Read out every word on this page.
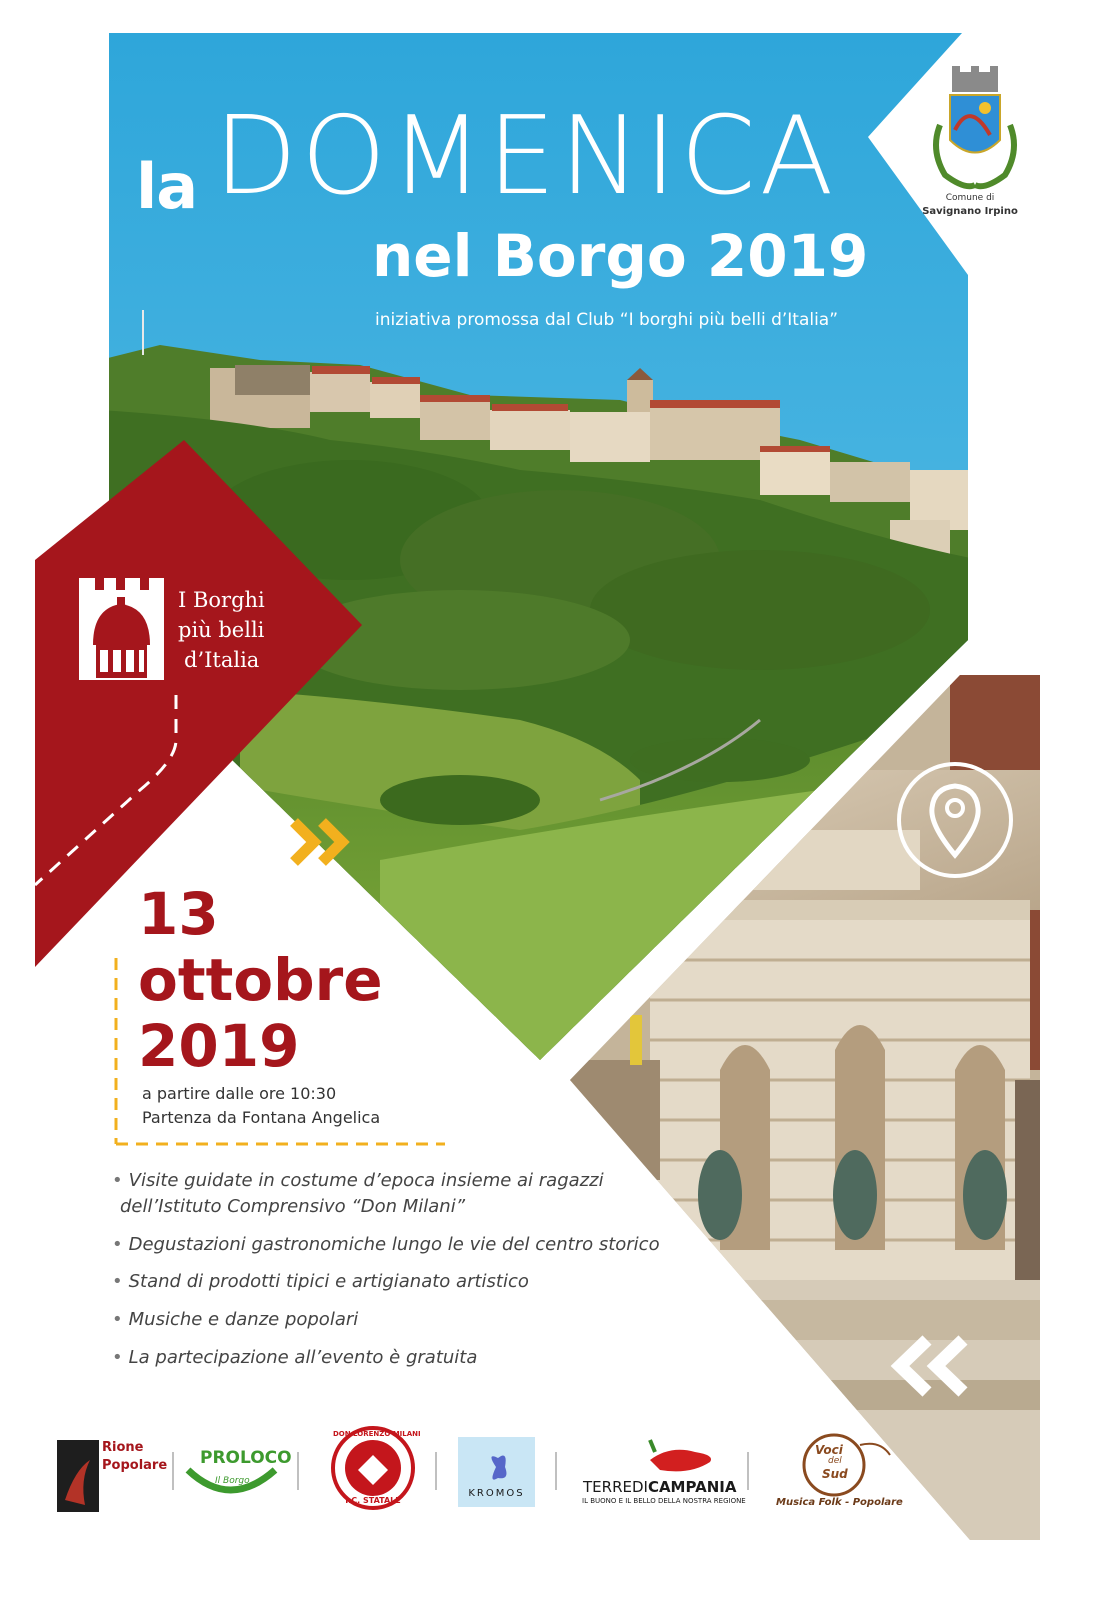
la DOMENICA
nel Borgo 2019
iniziativa promossa dal Club “I borghi più belli d’Italia”
Comune di
Savignano Irpino
I Borghi
più belli
d’Italia
13
ottobre
2019
a partire dalle ore 10:30
Partenza da Fontana Angelica
• Visite guidate in costume d’epoca insieme ai ragazzi
dell’Istituto Comprensivo “Don Milani”
• Degustazioni gastronomiche lungo le vie del centro storico
• Stand di prodotti tipici e artigianato artistico
• Musiche e danze popolari
• La partecipazione all’evento è gratuita
Rione
Popolare PROLOCO
Il Borgo
DON LORENZO MILANI
I.C. STATALE
KROMOS	TERREDICAMPANIA
IL BUONO E IL BELLO DELLA NOSTRA REGIONE
Voci
del
Sud
Musica Folk - Popolare
